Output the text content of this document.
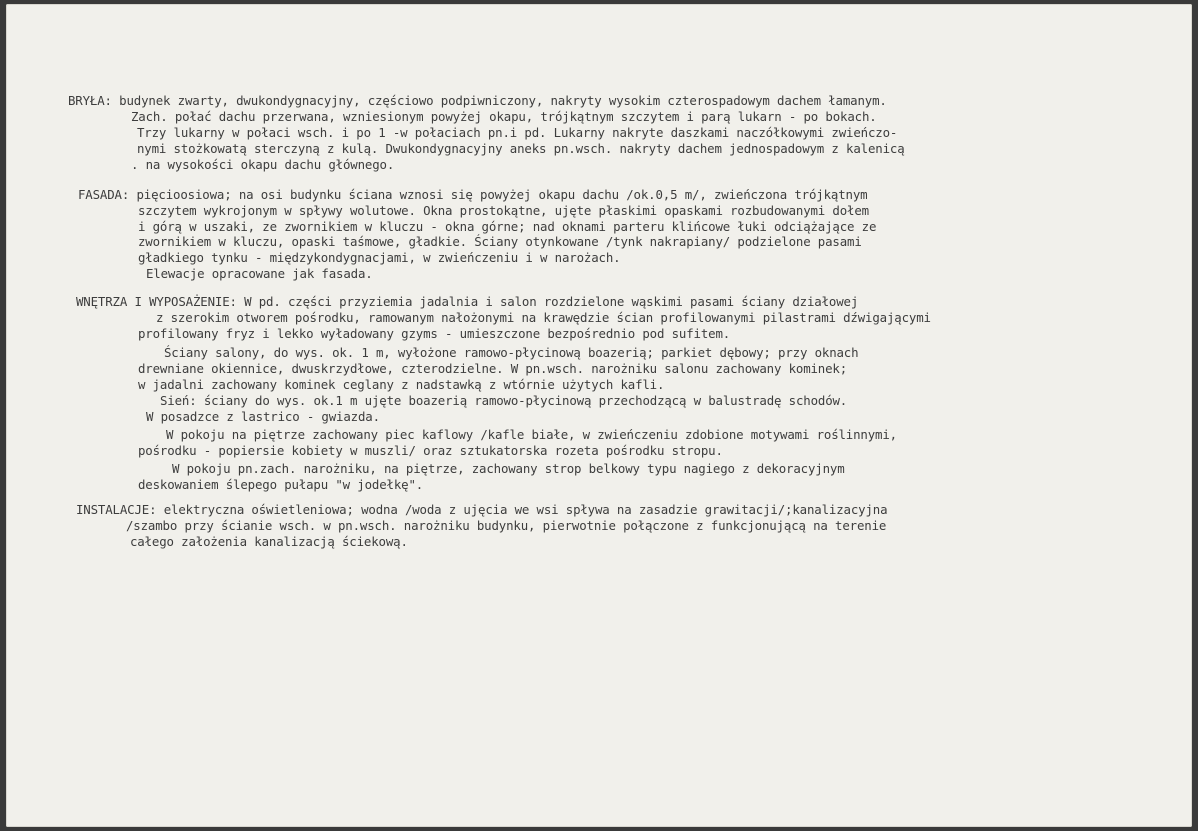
BRYŁA: budynek zwarty, dwukondygnacyjny, częściowo podpiwniczony, nakryty wysokim czterospadowym dachem łamanym.
Zach. połać dachu przerwana, wzniesionym powyżej okapu, trójkątnym szczytem i parą lukarn - po bokach.
Trzy lukarny w połaci wsch. i po 1 -w połaciach pn.i pd. Lukarny nakryte daszkami naczółkowymi zwieńczo-
nymi stożkowatą sterczyną z kulą. Dwukondygnacyjny aneks pn.wsch. nakryty dachem jednospadowym z kalenicą
. na wysokości okapu dachu głównego.
FASADA: pięcioosiowa; na osi budynku ściana wznosi się powyżej okapu dachu /ok.0,5 m/, zwieńczona trójkątnym
szczytem wykrojonym w spływy wolutowe. Okna prostokątne, ujęte płaskimi opaskami rozbudowanymi dołem
i górą w uszaki, ze zwornikiem w kluczu - okna górne; nad oknami parteru klińcowe łuki odciążające ze
zwornikiem w kluczu, opaski taśmowe, gładkie. Ściany otynkowane /tynk nakrapiany/ podzielone pasami
gładkiego tynku - międzykondygnacjami, w zwieńczeniu i w narożach.
Elewacje opracowane jak fasada.
WNĘTRZA I WYPOSAŻENIE: W pd. części przyziemia jadalnia i salon rozdzielone wąskimi pasami ściany działowej
z szerokim otworem pośrodku, ramowanym nałożonymi na krawędzie ścian profilowanymi pilastrami dźwigającymi
profilowany fryz i lekko wyładowany gzyms - umieszczone bezpośrednio pod sufitem.
Ściany salony, do wys. ok. 1 m, wyłożone ramowo-płycinową boazerią; parkiet dębowy; przy oknach
drewniane okiennice, dwuskrzydłowe, czterodzielne. W pn.wsch. narożniku salonu zachowany kominek;
w jadalni zachowany kominek ceglany z nadstawką z wtórnie użytych kafli.
Sień: ściany do wys. ok.1 m ujęte boazerią ramowo-płycinową przechodzącą w balustradę schodów.
W posadzce z lastrico - gwiazda.
W pokoju na piętrze zachowany piec kaflowy /kafle białe, w zwieńczeniu zdobione motywami roślinnymi,
pośrodku - popiersie kobiety w muszli/ oraz sztukatorska rozeta pośrodku stropu.
W pokoju pn.zach. narożniku, na piętrze, zachowany strop belkowy typu nagiego z dekoracyjnym
deskowaniem ślepego pułapu "w jodełkę".
INSTALACJE: elektryczna oświetleniowa; wodna /woda z ujęcia we wsi spływa na zasadzie grawitacji/;kanalizacyjna
/szambo przy ścianie wsch. w pn.wsch. narożniku budynku, pierwotnie połączone z funkcjonującą na terenie
całego założenia kanalizacją ściekową.
